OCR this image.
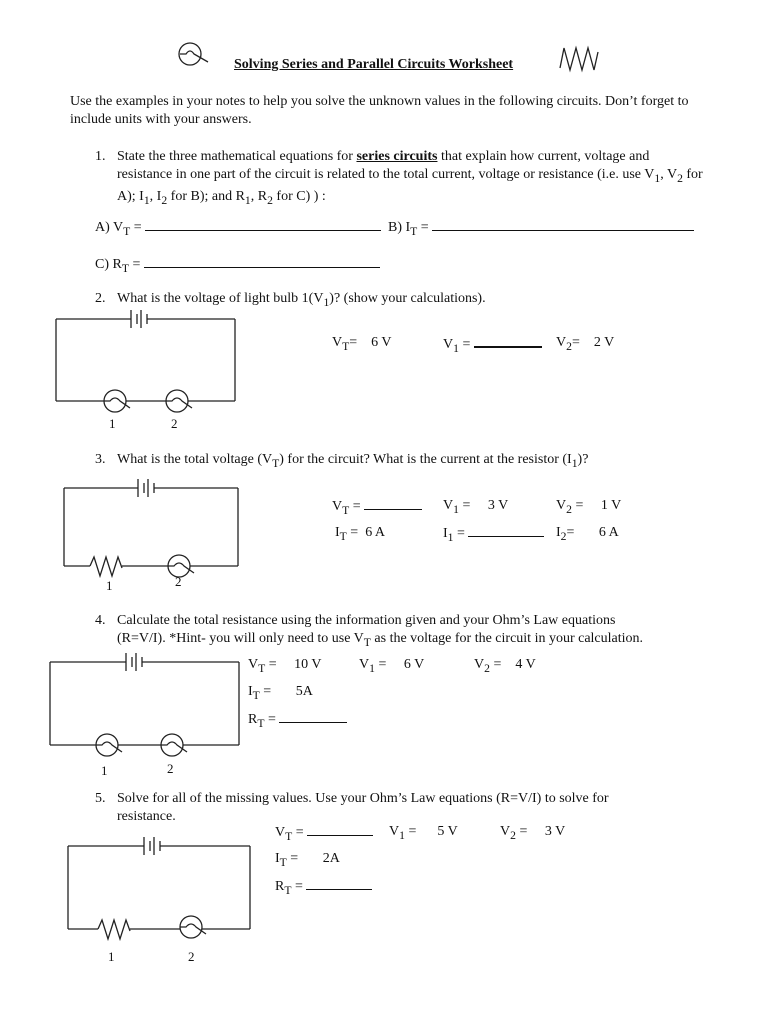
Solving Series and Parallel Circuits Worksheet
Use the examples in your notes to help you solve the unknown values in the following circuits. Don’t forget to include units with your answers.
1. State the three mathematical equations for series circuits that explain how current, voltage and resistance in one part of the circuit is related to the total current, voltage or resistance (i.e. use $V_1$, $V_2$ for A); $I_1$, $I_2$ for B); and $R_1$, $R_2$ for C) ) :
A) $V_T$ =	B) $I_T$ =
C) $R_T$ =
2. What is the voltage of light bulb $1(V_1)$? (show your calculations).
1	2
$V_T= 6$ V	$V_1$ =	$V_2= 2$ V
3. What is the total voltage $(V_T)$ for the circuit? What is the current at the resistor $(I_1)$?
1	2
$V_T$ =	$V_1 = 3$ V	$V_2 = 1$ V
$I_T = 6$ A	$I_1$ =	$I_2= 6$ A
4. Calculate the total resistance using the information given and your Ohm’s Law equations
(R=V/I). *Hint- you will only need to use $V_T$ as the voltage for the circuit in your calculation.
1	2
$V_T = 10$ V	$V_1 = 6$ V	$V_2 = 4$ V
$I_T = 5A$
$R_T$ =
5. Solve for all of the missing values. Use your Ohm’s Law equations (R=V/I) to solve for
resistance.
1	2
$V_T$ =	$V_1 = 5$ V	$V_2 = 3$ V
$I_T = 2A$
$R_T$ =
